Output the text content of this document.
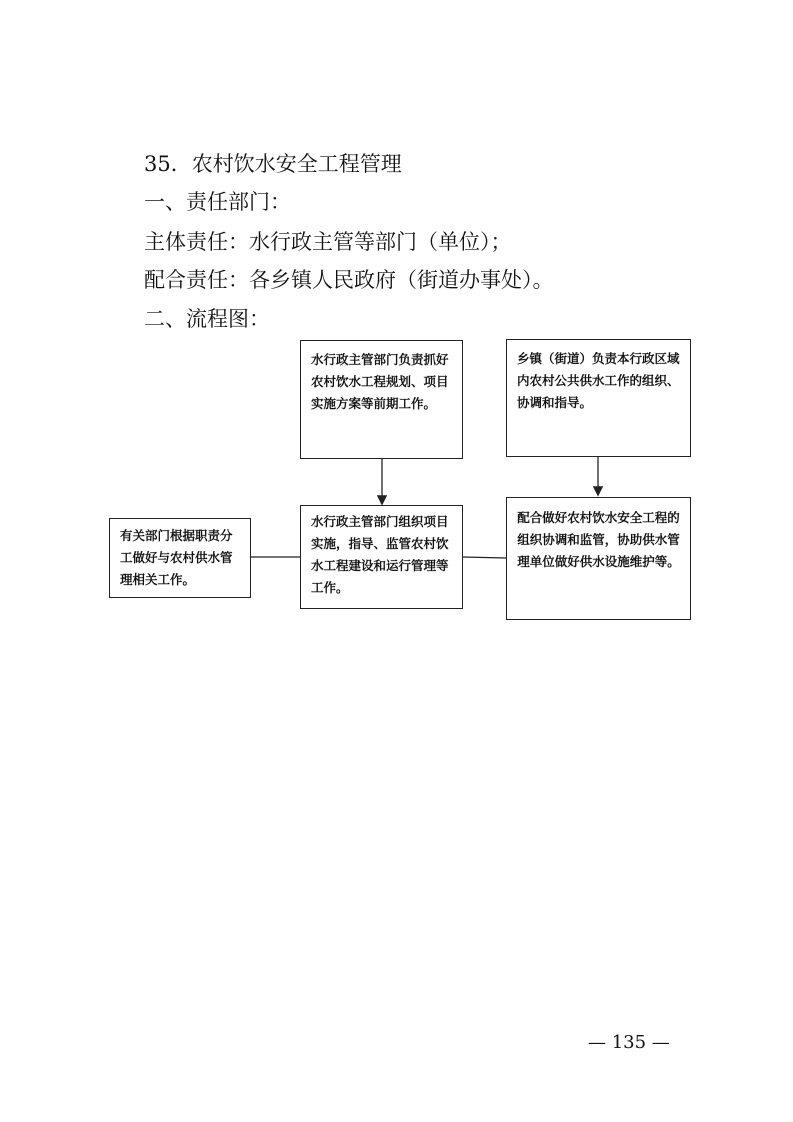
35．农村饮水安全工程管理
一、责任部门：
主体责任：水行政主管等部门（单位）；
配合责任：各乡镇人民政府（街道办事处）。
二、流程图：
水行政主管部门负责抓好农村饮水工程规划、项目实施方案等前期工作。
乡镇（街道）负责本行政区域内农村公共供水工作的组织、协调和指导。
有关部门根据职责分工做好与农村供水管理相关工作。
水行政主管部门组织项目实施，指导、监管农村饮水工程建设和运行管理等工作。
配合做好农村饮水安全工程的组织协调和监管，协助供水管理单位做好供水设施维护等。
— 135 —
